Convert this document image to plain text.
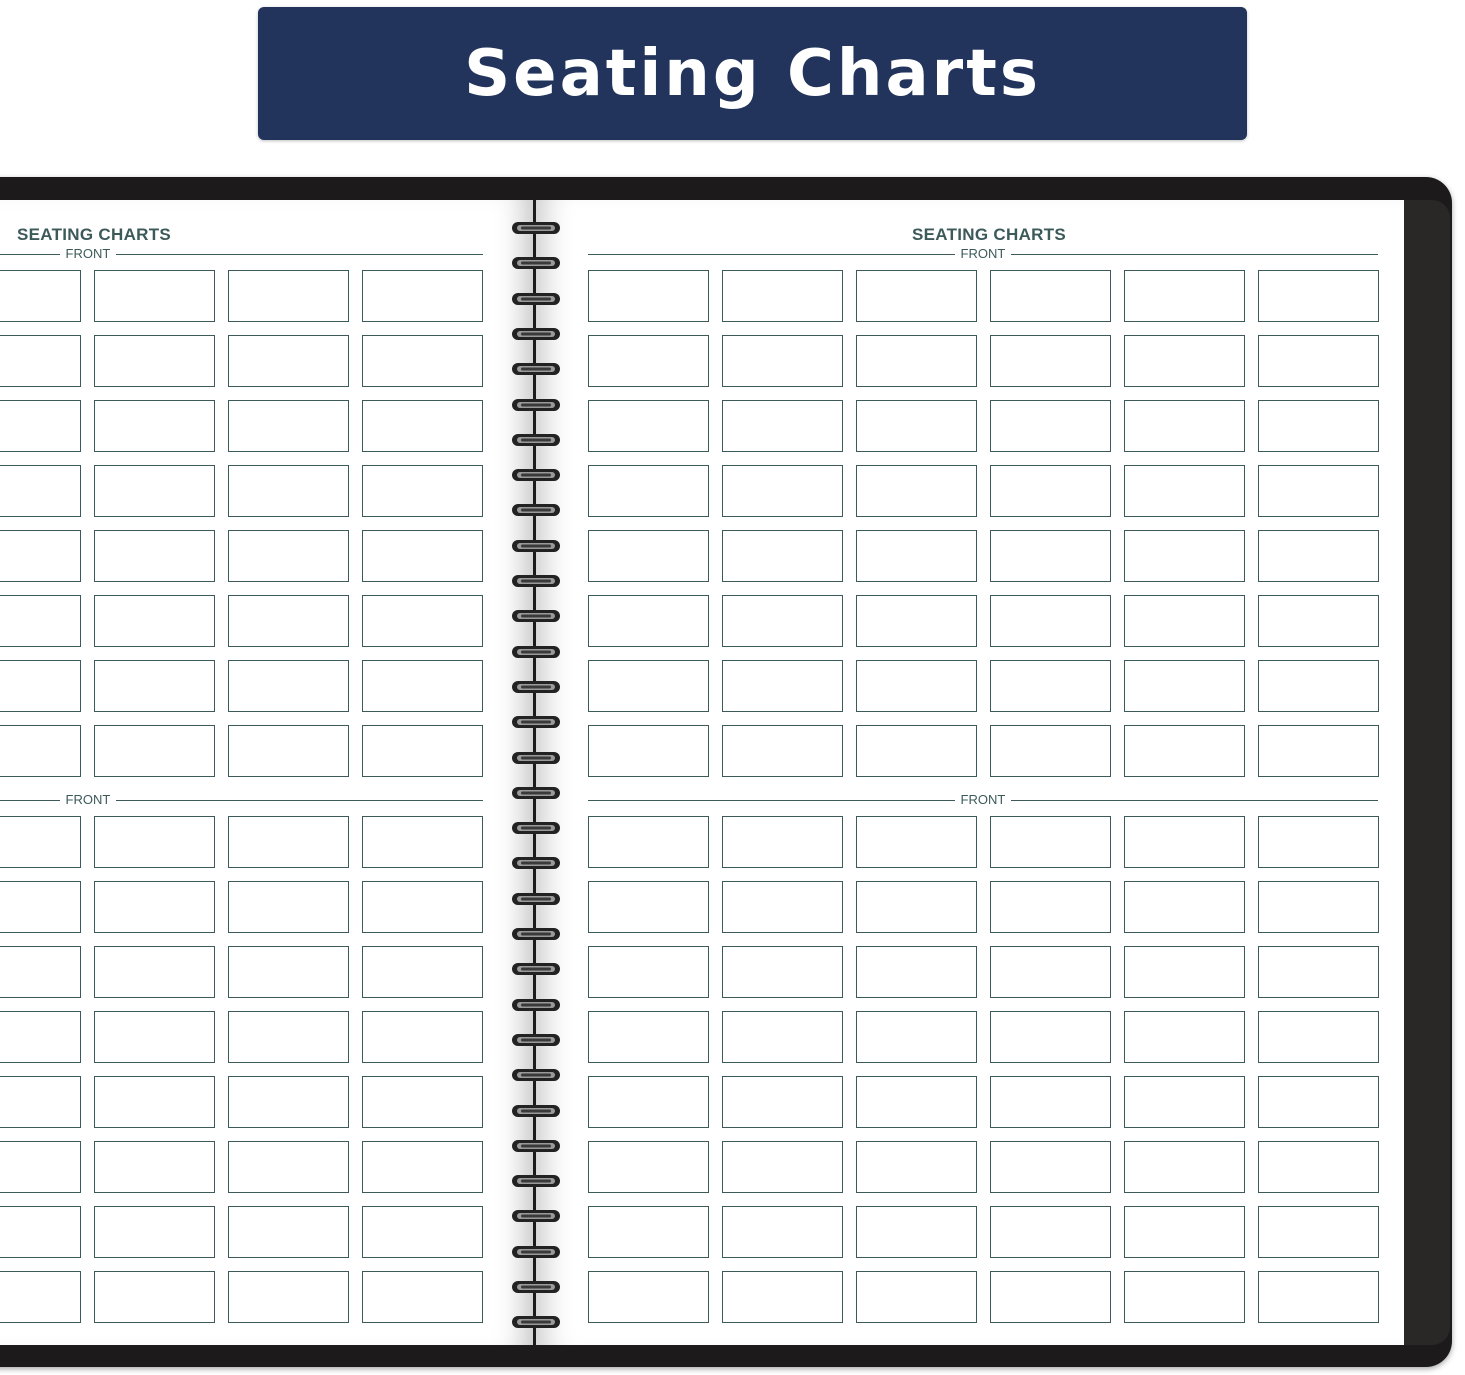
Seating Charts
SEATING CHARTS
FRONT
FRONT
SEATING CHARTS
FRONT
FRONT
